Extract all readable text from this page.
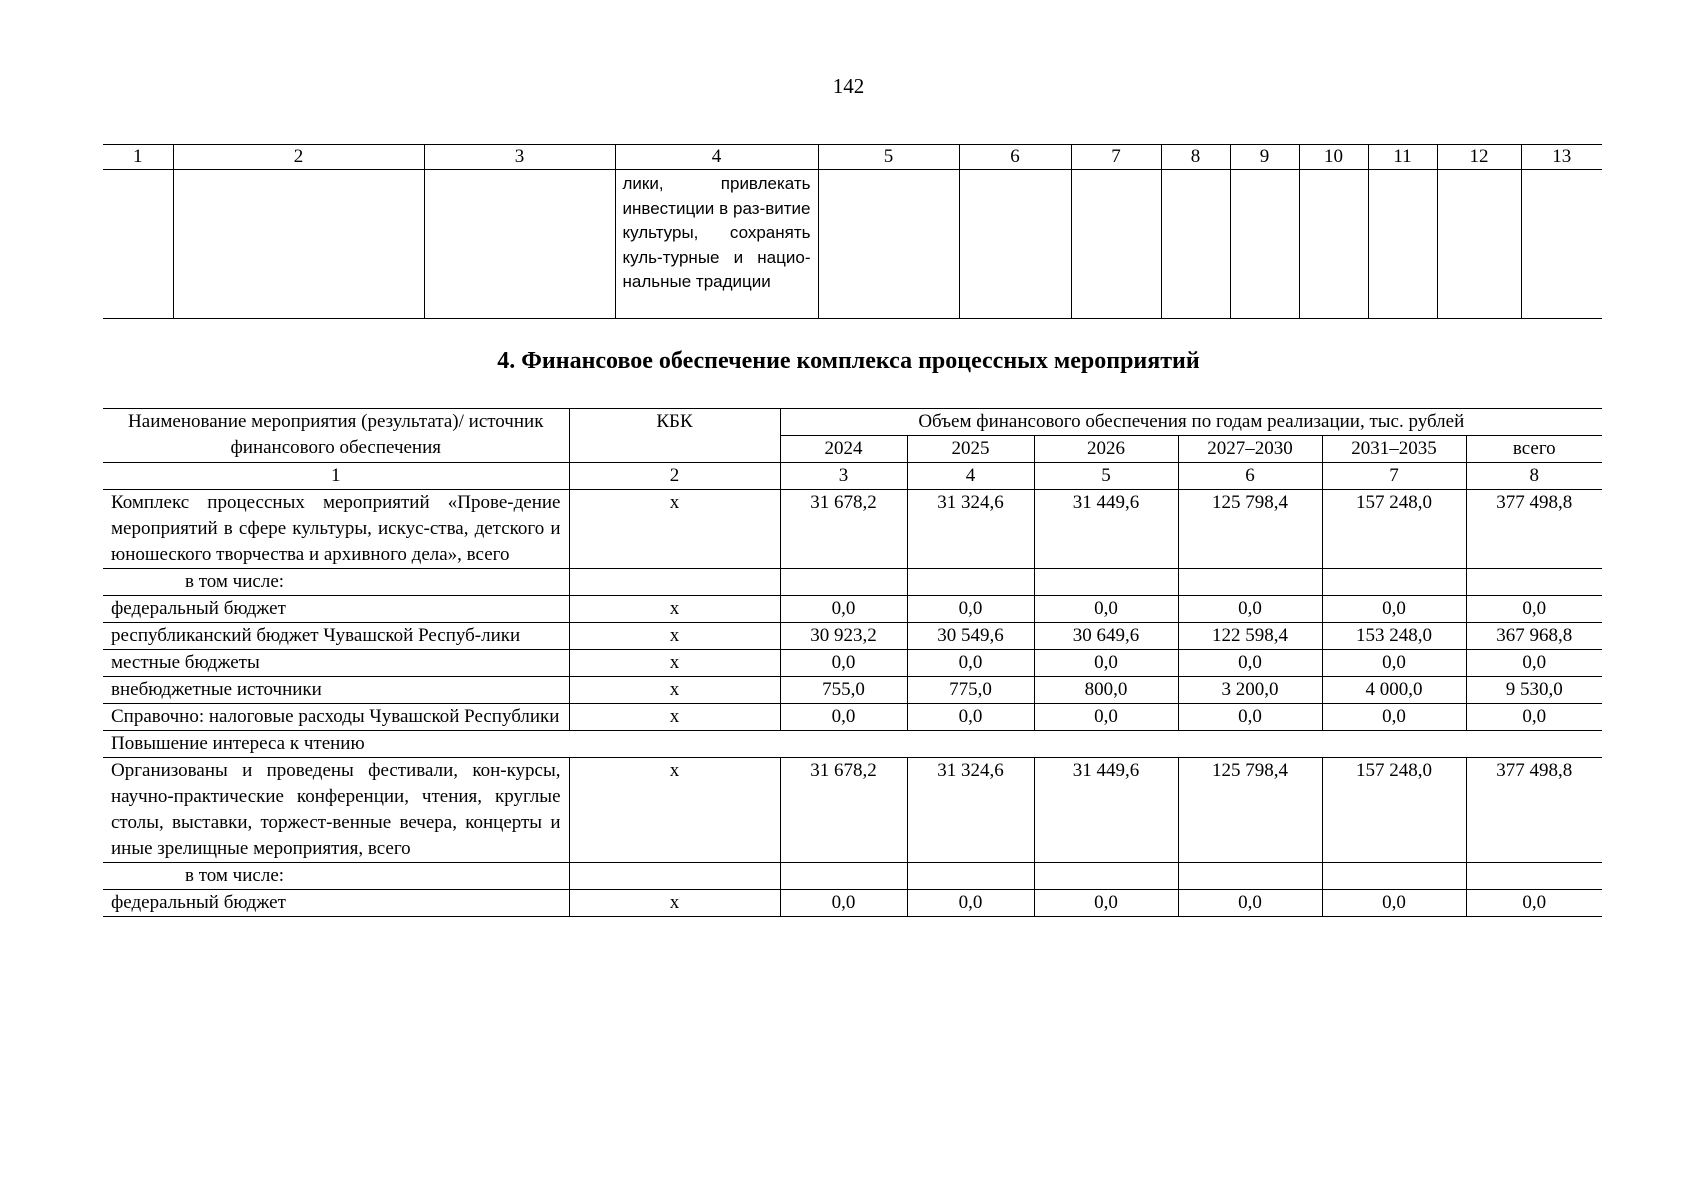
142
1	2	3	4	5	6	7	8	9	10	11	12	13
			лики, привлекать инвестиции в раз-витие культуры, сохранять куль-турные и нацио-нальные традиции									
4. Финансовое обеспечение комплекса процессных мероприятий
Наименование мероприятия (результата)/ источник финансового обеспечения	КБК	Объем финансового обеспечения по годам реализации, тыс. рублей					
		2024	2025	2026	2027–2030	2031–2035	всего
1	2	3	4	5	6	7	8
Комплекс процессных мероприятий «Прове-дение мероприятий в сфере культуры, искус-ства, детского и юношеского творчества и архивного дела», всего	x	31 678,2	31 324,6	31 449,6	125 798,4	157 248,0	377 498,8
в том числе:							
федеральный бюджет	x	0,0	0,0	0,0	0,0	0,0	0,0
республиканский бюджет Чувашской Респуб-лики	x	30 923,2	30 549,6	30 649,6	122 598,4	153 248,0	367 968,8
местные бюджеты	x	0,0	0,0	0,0	0,0	0,0	0,0
внебюджетные источники	x	755,0	775,0	800,0	3 200,0	4 000,0	9 530,0
Справочно: налоговые расходы Чувашской Республики	x	0,0	0,0	0,0	0,0	0,0	0,0
Повышение интереса к чтению							
Организованы и проведены фестивали, кон-курсы, научно-практические конференции, чтения, круглые столы, выставки, торжест-венные вечера, концерты и иные зрелищные мероприятия, всего	x	31 678,2	31 324,6	31 449,6	125 798,4	157 248,0	377 498,8
в том числе:							
федеральный бюджет	x	0,0	0,0	0,0	0,0	0,0	0,0
